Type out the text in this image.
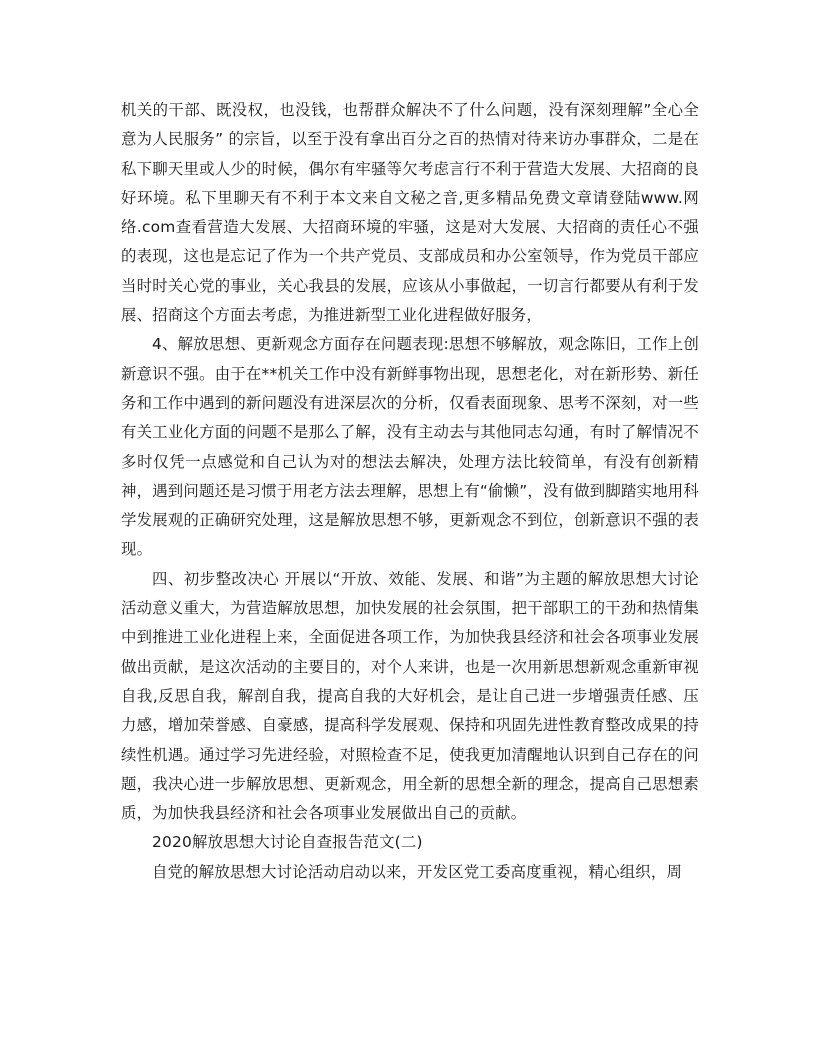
机关的干部、既没权，也没钱，也帮群众解决不了什么问题，没有深刻理解”全心全意为人民服务” 的宗旨，以至于没有拿出百分之百的热情对待来访办事群众，二是在私下聊天里或人少的时候，偶尔有牢骚等欠考虑言行不利于营造大发展、大招商的良好环境。私下里聊天有不利于本文来自文秘之音,更多精品免费文章请登陆www.网络.com查看营造大发展、大招商环境的牢骚，这是对大发展、大招商的责任心不强的表现，这也是忘记了作为一个共产党员、支部成员和办公室领导，作为党员干部应当时时关心党的事业，关心我县的发展，应该从小事做起，一切言行都要从有利于发展、招商这个方面去考虑，为推进新型工业化进程做好服务，

4、解放思想、更新观念方面存在问题表现:思想不够解放，观念陈旧，工作上创新意识不强。由于在**机关工作中没有新鲜事物出现，思想老化，对在新形势、新任务和工作中遇到的新问题没有进深层次的分析，仅看表面现象、思考不深刻，对一些有关工业化方面的问题不是那么了解，没有主动去与其他同志勾通，有时了解情况不多时仅凭一点感觉和自己认为对的想法去解决，处理方法比较简单，有没有创新精神，遇到问题还是习惯于用老方法去理解，思想上有“偷懒”，没有做到脚踏实地用科学发展观的正确研究处理，这是解放思想不够，更新观念不到位，创新意识不强的表现。

四、初步整改决心 开展以“开放、效能、发展、和谐”为主题的解放思想大讨论活动意义重大，为营造解放思想，加快发展的社会氛围，把干部职工的干劲和热情集中到推进工业化进程上来，全面促进各项工作，为加快我县经济和社会各项事业发展做出贡献，是这次活动的主要目的，对个人来讲，也是一次用新思想新观念重新审视自我,反思自我，解剖自我，提高自我的大好机会，是让自己进一步增强责任感、压力感，增加荣誉感、自豪感，提高科学发展观、保持和巩固先进性教育整改成果的持续性机遇。通过学习先进经验，对照检查不足，使我更加清醒地认识到自己存在的问题，我决心进一步解放思想、更新观念，用全新的思想全新的理念，提高自己思想素质，为加快我县经济和社会各项事业发展做出自己的贡献。

2020解放思想大讨论自查报告范文(二)

自党的解放思想大讨论活动启动以来，开发区党工委高度重视，精心组织，周
